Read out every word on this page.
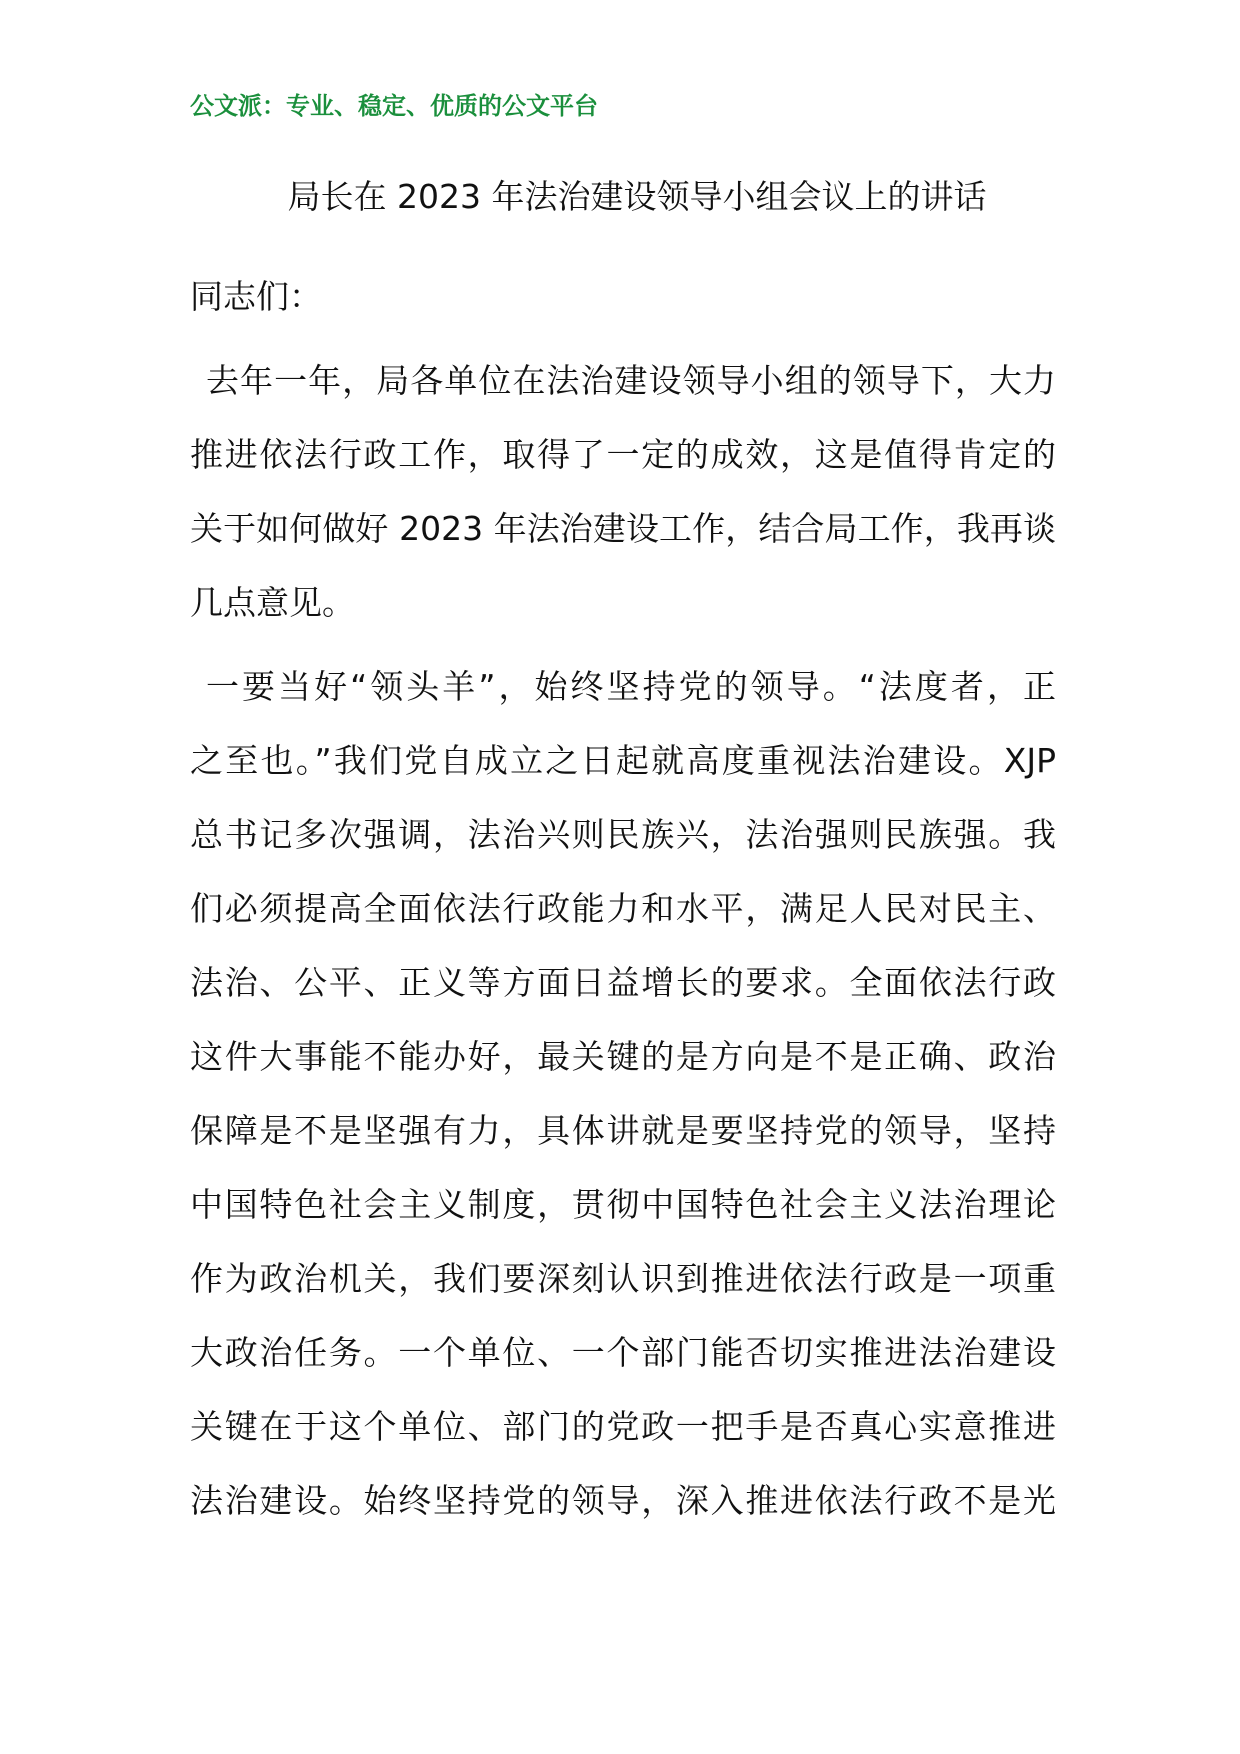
公文派：专业、稳定、优质的公文平台
局长在 2023 年法治建设领导小组会议上的讲话
同志们：
去年一年，局各单位在法治建设领导小组的领导下，大力
推进依法行政工作，取得了一定的成效，这是值得肯定的
关于如何做好 2023 年法治建设工作，结合局工作，我再谈
几点意见。
一要当好“领头羊”，始终坚持党的领导。“法度者，正
之至也。”我们党自成立之日起就高度重视法治建设。XJP
总书记多次强调，法治兴则民族兴，法治强则民族强。我
们必须提高全面依法行政能力和水平，满足人民对民主、
法治、公平、正义等方面日益增长的要求。全面依法行政
这件大事能不能办好，最关键的是方向是不是正确、政治
保障是不是坚强有力，具体讲就是要坚持党的领导，坚持
中国特色社会主义制度，贯彻中国特色社会主义法治理论
作为政治机关，我们要深刻认识到推进依法行政是一项重
大政治任务。一个单位、一个部门能否切实推进法治建设
关键在于这个单位、部门的党政一把手是否真心实意推进
法治建设。始终坚持党的领导，深入推进依法行政不是光
